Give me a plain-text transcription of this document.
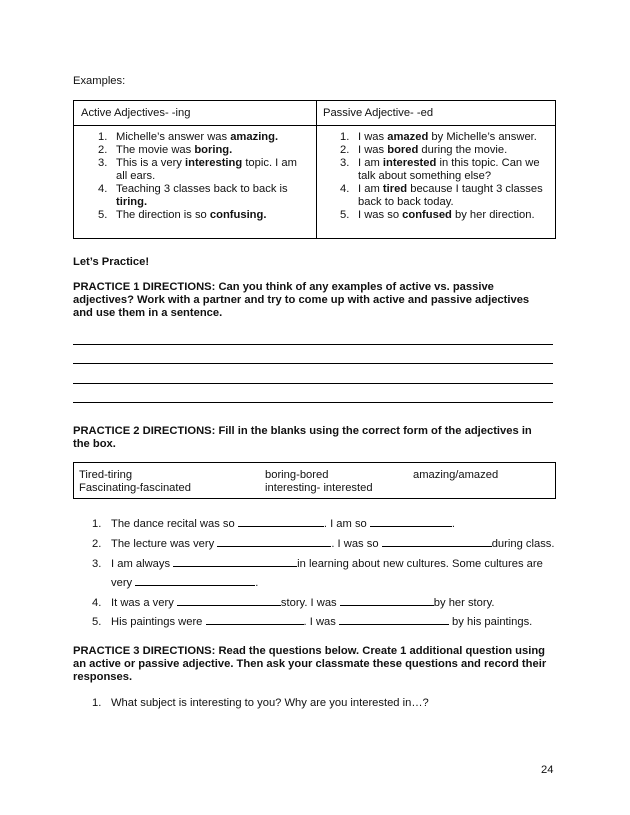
Examples:
Active Adjectives- -ing	Passive Adjective- -ed
1. Michelle’s answer was amazing.
2. The movie was boring.
3. This is a very interesting topic. I am all ears.
4. Teaching 3 classes back to back is tiring.
5. The direction is so confusing.
1. I was amazed by Michelle’s answer.
2. I was bored during the movie.
3. I am interested in this topic. Can we talk about something else?
4. I am tired because I taught 3 classes back to back today.
5. I was so confused by her direction.
Let’s Practice!
PRACTICE 1 DIRECTIONS: Can you think of any examples of active vs. passive adjectives? Work with a partner and try to come up with active and passive adjectives and use them in a sentence.
PRACTICE 2 DIRECTIONS: Fill in the blanks using the correct form of the adjectives in the box.
Tired-tiring	boring-bored	amazing/amazed
Fascinating-fascinated	interesting- interested
1. The dance recital was so	. I am so	.
2. The lecture was very	. I was so	during class.
3. I am always	in learning about new cultures. Some cultures are
very	.
4. It was a very	story. I was	by her story.
5. His paintings were	. I was	by his paintings.
PRACTICE 3 DIRECTIONS: Read the questions below. Create 1 additional question using an active or passive adjective. Then ask your classmate these questions and record their responses.
1. What subject is interesting to you? Why are you interested in…?
24
